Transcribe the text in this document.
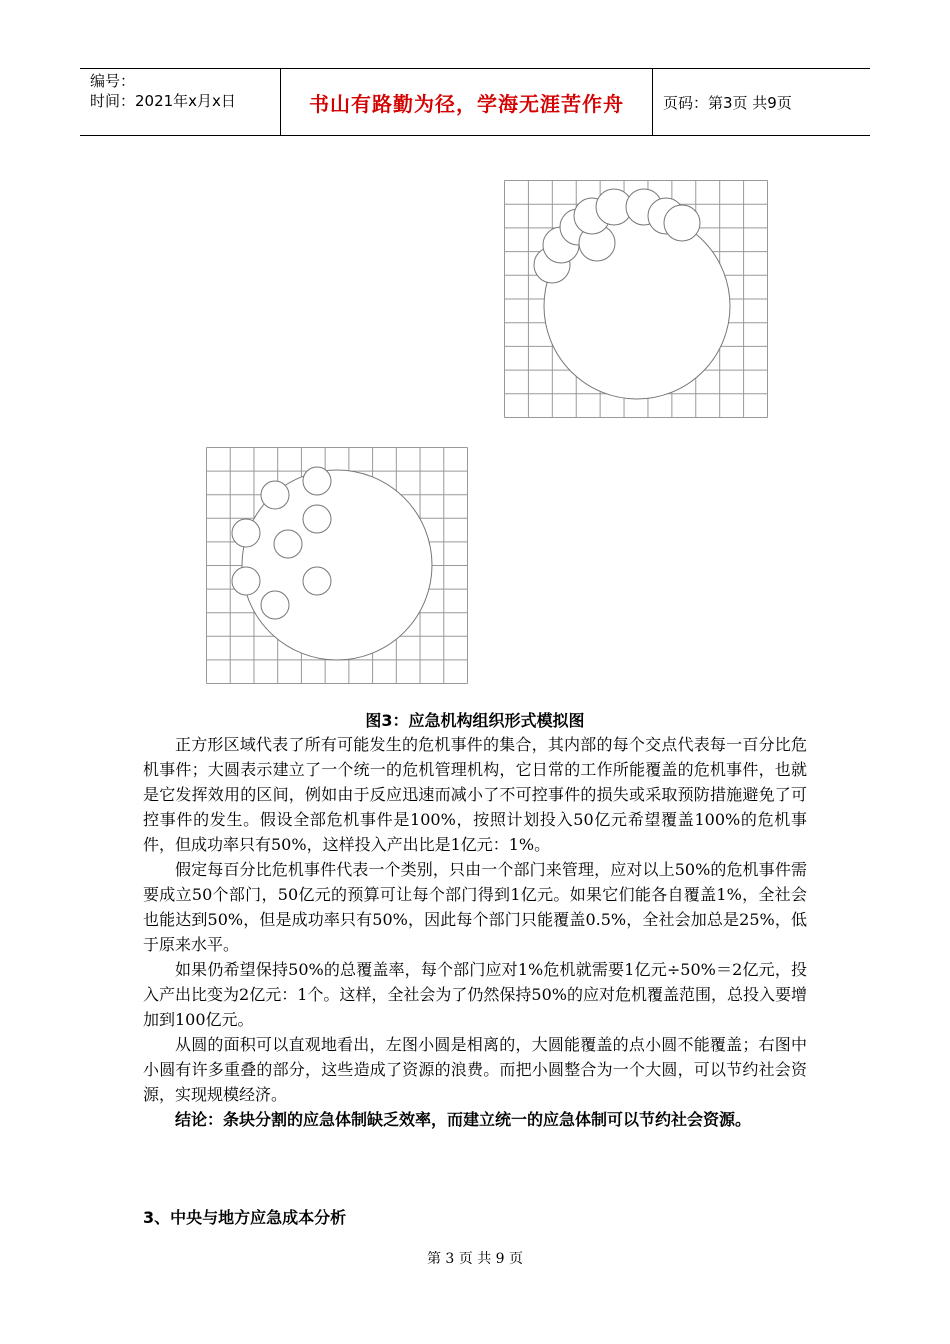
编号：
时间：2021年x月x日	书山有路勤为径，学海无涯苦作舟	页码：第3页 共9页
图3：应急机构组织形式模拟图

正方形区域代表了所有可能发生的危机事件的集合，其内部的每个交点代表每一百分比危机事件；大圆表示建立了一个统一的危机管理机构，它日常的工作所能覆盖的危机事件，也就是它发挥效用的区间，例如由于反应迅速而减小了不可控事件的损失或采取预防措施避免了可控事件的发生。假设全部危机事件是100%，按照计划投入50亿元希望覆盖100%的危机事件，但成功率只有50%，这样投入产出比是1亿元：1%。

假定每百分比危机事件代表一个类别，只由一个部门来管理，应对以上50%的危机事件需要成立50个部门，50亿元的预算可让每个部门得到1亿元。如果它们能各自覆盖1%，全社会也能达到50%，但是成功率只有50%，因此每个部门只能覆盖0.5%，全社会加总是25%，低于原来水平。

如果仍希望保持50%的总覆盖率，每个部门应对1%危机就需要1亿元÷50%＝2亿元，投入产出比变为2亿元：1个。这样，全社会为了仍然保持50%的应对危机覆盖范围，总投入要增加到100亿元。

从圆的面积可以直观地看出，左图小圆是相离的，大圆能覆盖的点小圆不能覆盖；右图中小圆有许多重叠的部分，这些造成了资源的浪费。而把小圆整合为一个大圆，可以节约社会资源，实现规模经济。

结论：条块分割的应急体制缺乏效率，而建立统一的应急体制可以节约社会资源。

3、中央与地方应急成本分析
第 3 页 共 9 页
